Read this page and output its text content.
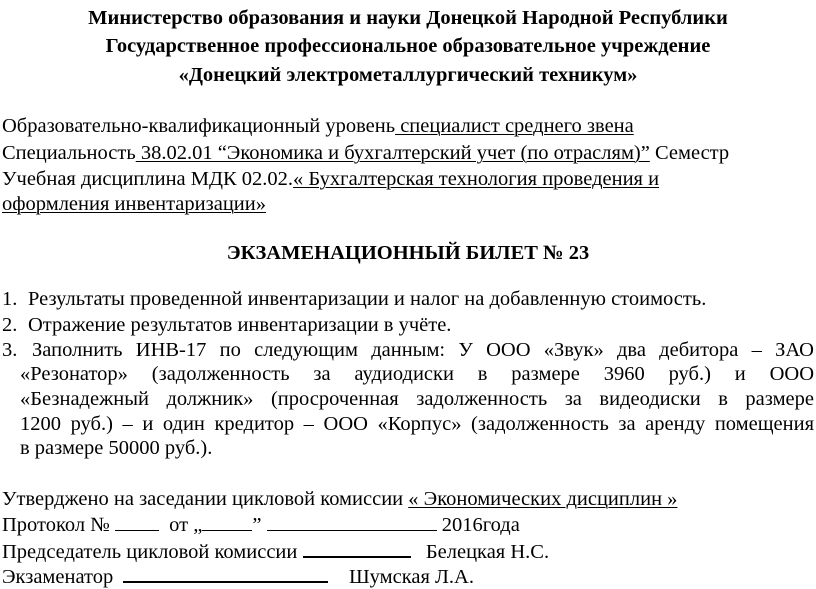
Министерство образования и науки Донецкой Народной Республики
Государственное профессиональное образовательное учреждение
«Донецкий электрометаллургический техникум»
Образовательно-квалификационный уровень специалист среднего звена
Специальность 38.02.01 “Экономика и бухгалтерский учет (по отраслям)” Семестр
Учебная дисциплина МДК 02.02.« Бухгалтерская технология проведения и
оформления инвентаризации»
ЭКЗАМЕНАЦИОННЫЙ БИЛЕТ № 23
1. Результаты проведенной инвентаризации и налог на добавленную стоимость.
2. Отражение результатов инвентаризации в учёте.
3. Заполнить ИНВ-17 по следующим данным: У ООО «Звук» два дебитора – ЗАО
«Резонатор» (задолженность за аудиодиски в размере 3960 руб.) и ООО
«Безнадежный должник» (просроченная задолженность за видеодиски в размере
1200 руб.) – и один кредитор – ООО «Корпус» (задолженность за аренду помещения
в размере 50000 руб.).
Утверджено на заседании цикловой комиссии « Экономических дисциплин »
Протокол №	от „ ”	2016года
Председатель цикловой комиссии	Белецкая Н.С.
Экзаменатор	Шумская Л.А.
